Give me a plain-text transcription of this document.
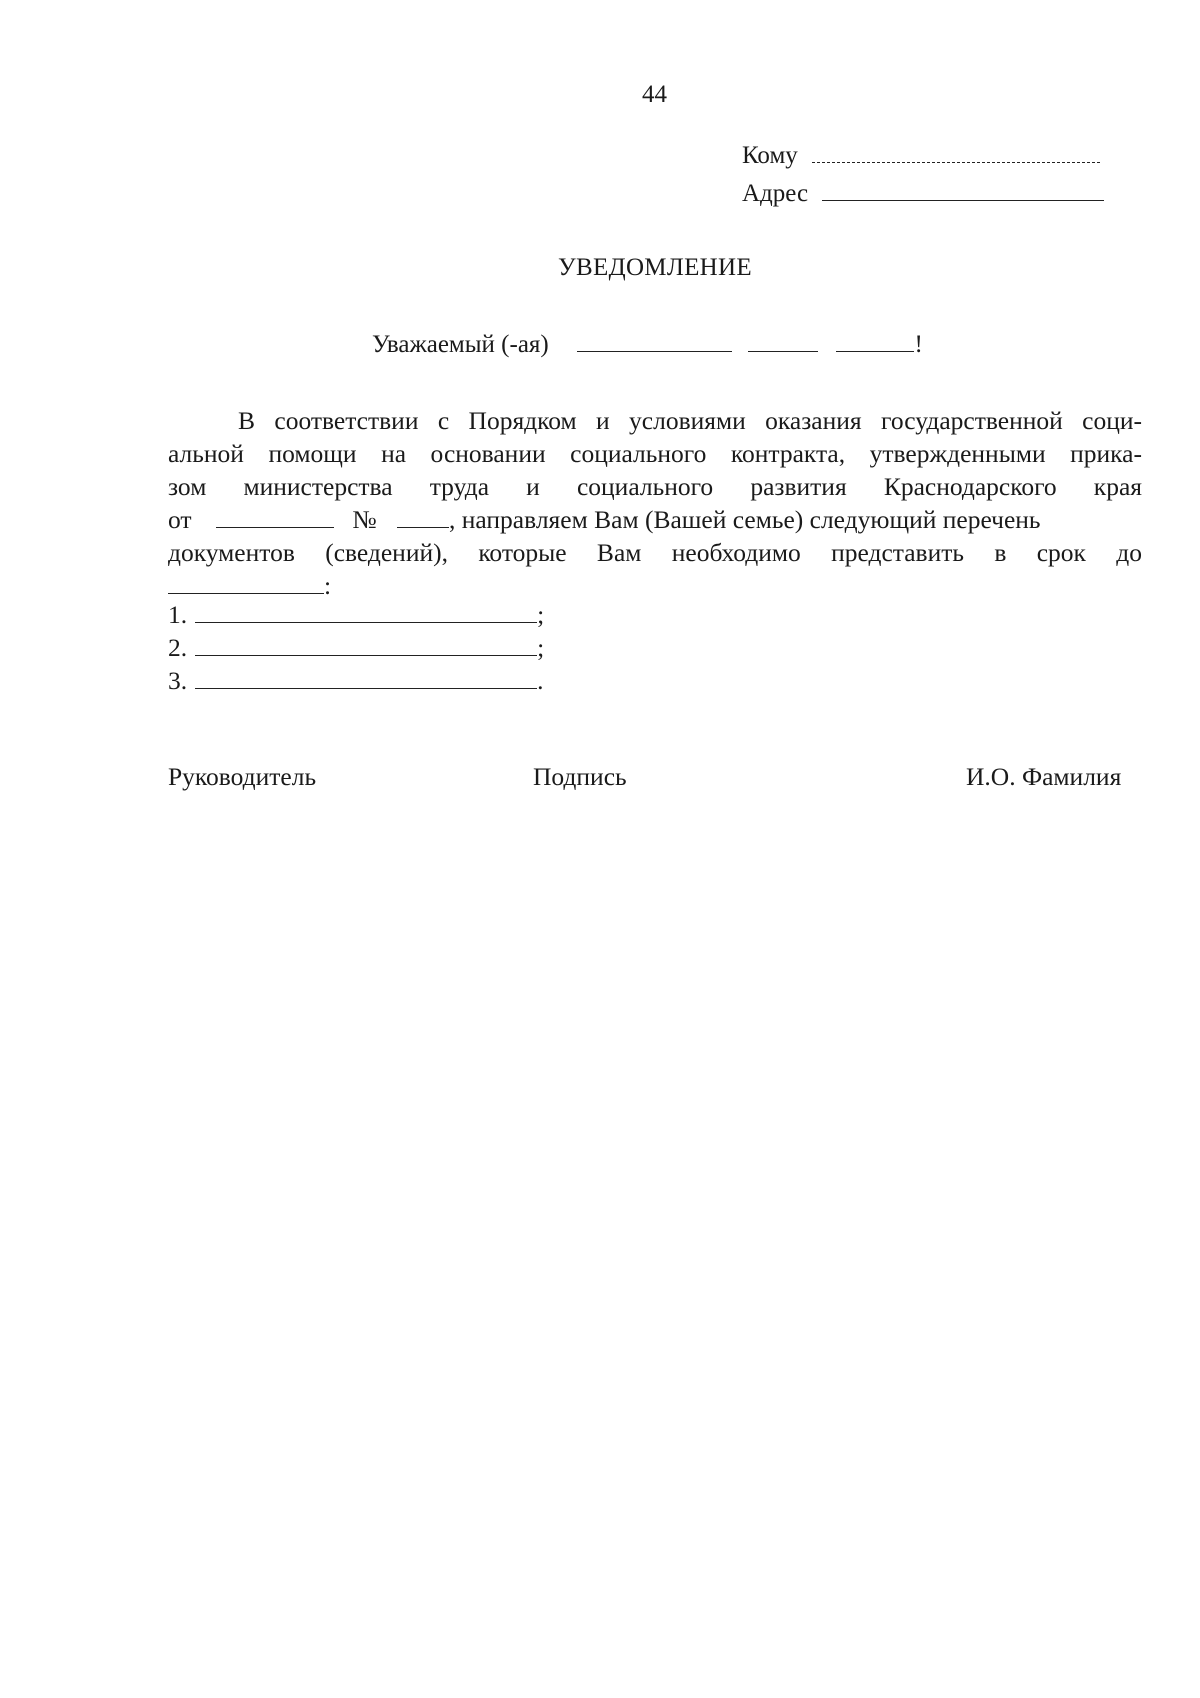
44
Кому
Адрес
УВЕДОМЛЕНИЕ
Уважаемый (-ая)	!
В соответствии с Порядком и условиями оказания государственной соци-
альной помощи на основании социального контракта, утвержденными прика-
зом министерства труда и социального развития Краснодарского края
от	№	, направляем Вам (Вашей семье) следующий перечень
документов (сведений), которые Вам необходимо представить в срок до
:
1.	;
2.	;
3.	.
Руководитель	Подпись	И.О. Фамилия
